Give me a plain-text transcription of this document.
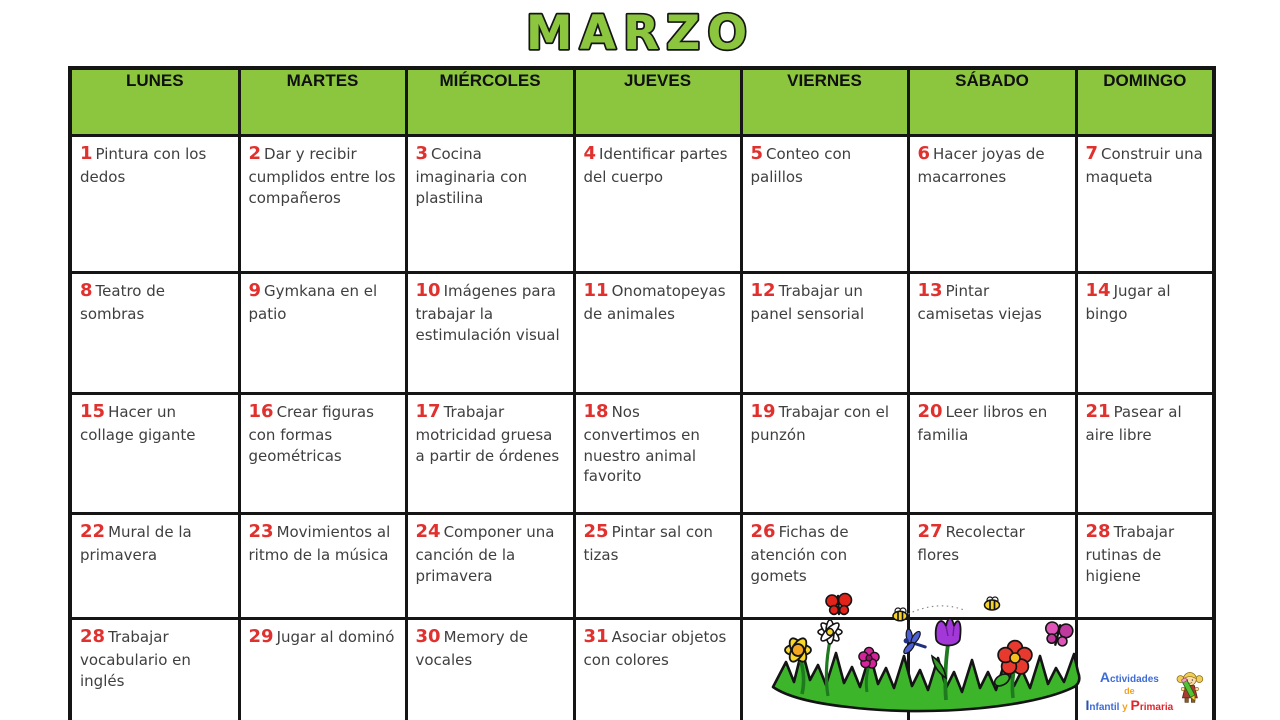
MARZO
LUNES	MARTES	MIÉRCOLES	JUEVES	VIERNES	SÁBADO	DOMINGO
1 Pintura con los dedos	2 Dar y recibir cumplidos entre los compañeros	3 Cocina imaginaria con plastilina	4 Identificar partes del cuerpo	5 Conteo con palillos	6 Hacer joyas de macarrones	7 Construir una maqueta
8 Teatro de sombras	9 Gymkana en el patio	10 Imágenes para trabajar la estimulación visual	11 Onomatopeyas de animales	12 Trabajar un panel sensorial	13 Pintar camisetas viejas	14 Jugar al bingo
15 Hacer un collage gigante	16 Crear figuras con formas geométricas	17 Trabajar motricidad gruesa a partir de órdenes	18 Nos convertimos en nuestro animal favorito	19 Trabajar con el punzón	20 Leer libros en familia	21 Pasear al aire libre
22 Mural de la primavera	23 Movimientos al ritmo de la música	24 Componer una canción de la primavera	25 Pintar sal con tizas	26 Fichas de atención con gomets	27 Recolectar flores	28 Trabajar rutinas de higiene
28 Trabajar vocabulario en inglés	29 Jugar al dominó	30 Memory de vocales	31 Asociar objetos con colores			Actividades
de
Infantil y Primaria
